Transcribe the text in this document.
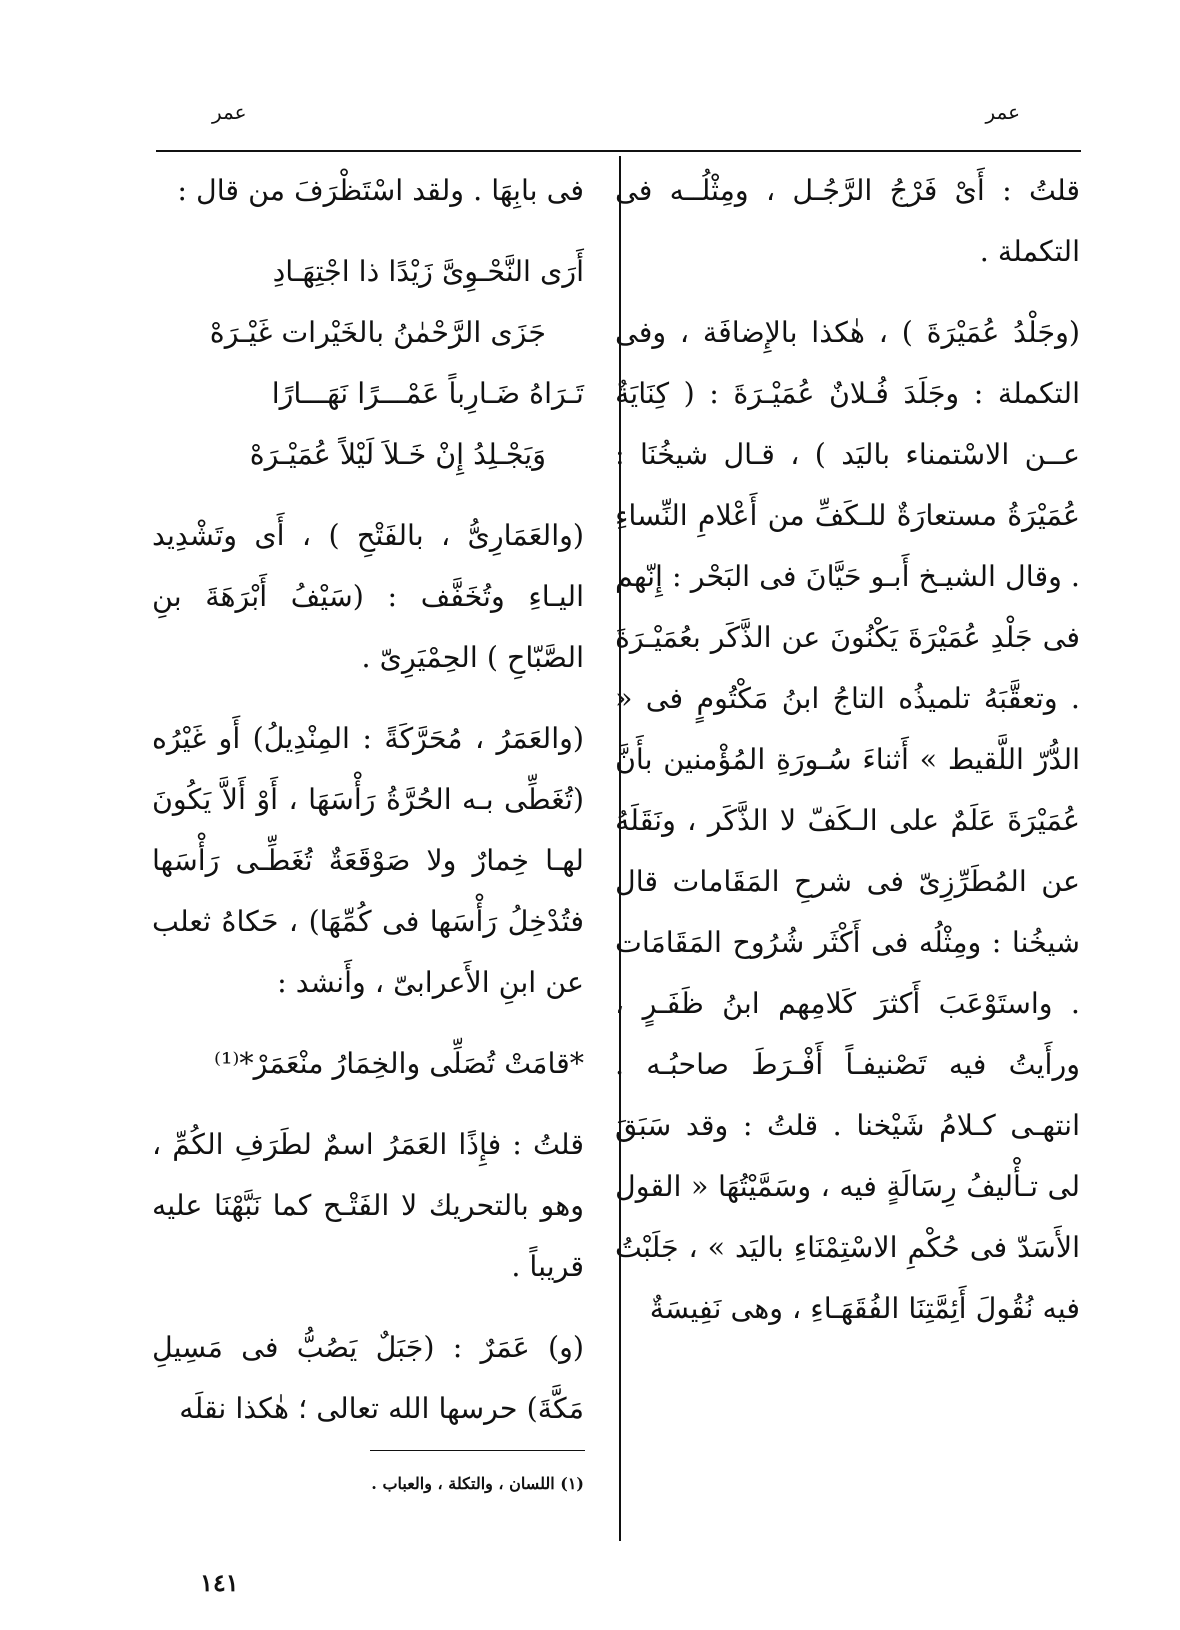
عمر
عمر

قلتُ : أَىْ فَرْجُ الرَّجُـل ، ومِثْلُــه فى التكملة .

(وجَلْدُ عُمَيْرَةَ ) ، هٰكذا بالإِضافَة ، وفى التكملة : وجَلَدَ فُـلانٌ عُمَيْـرَةَ : ( كِنَايَةٌ عــن الاسْتمناء باليَد ) ، قـال شيخُنَا : عُمَيْرَةُ مستعارَةٌ للـكَفِّ من أَعْلامِ النِّساءِ . وقال الشيـخ أَبـو حَيَّانَ فى البَحْر : إِنّهم فى جَلْدِ عُمَيْرَةَ يَكْنُونَ عن الذَّكَر بعُمَيْـرَةَ . وتعقَّبَهُ تلميذُه التاجُ ابنُ مَكْتُومٍ فى « الدُّرّ اللَّقيط » أَثناءَ سُـورَةِ المُؤْمنين بأَنَّ عُمَيْرَةَ عَلَمٌ على الـكَفّ لا الذَّكَر ، ونَقَلَهُ عن المُطَرِّزِىّ فى شرحِ المَقَامات قال شيخُنا : ومِثْلُه فى أَكْثَر شُرُوح المَقَامَات . واستَوْعَبَ أَكثرَ كَلامِهم ابنُ ظَفَـرٍ ، ورأَيتُ فيه تَصْنيفـاً أَفْـرَطَ صاحبُـه . انتهـى كـلامُ شَيْخنا . قلتُ : وقد سَبَقَ لى تـأْليفُ رِسَالَةٍ فيه ، وسَمَّيْتُهَا « القول الأَسَدّ فى حُكْمِ الاسْتِمْنَاءِ باليَد » ، جَلَبْتُ فيه نُقُولَ أَئِمَّتِنَا الفُقَهَـاءِ ، وهى نَفِيسَةٌ

فى بابِهَا . ولقد اسْتَظْرَفَ من قال :

أَرَى النَّحْـوِىَّ زَيْدًا ذا اجْتِهَـادِ

جَزَى الرَّحْمٰنُ بالخَيْرات غَيْـرَهْ

تَـرَاهُ ضَـارِباً عَمْـــرًا نَهَـــارًا

وَيَجْـلِدُ إِنْ خَـلاَ لَيْلاً عُمَيْـرَهْ

(والعَمَارِىُّ ، بالفَتْحِ ) ، أَى وتَشْدِيد اليـاءِ وتُخَفَّف : (سَيْفُ أَبْرَهَةَ بنِ الصَّبّاحِ ) الحِمْيَرِىّ .

(والعَمَرُ ، مُحَرَّكَةً : المِنْدِيلُ) أَو غَيْرُه (تُغَطِّى بـه الحُرَّةُ رَأْسَهَا ، أَوْ أَلاَّ يَكُونَ لهـا خِمارٌ ولا صَوْقَعَةٌ تُغَطِّـى رَأْسَها فتُدْخِلُ رَأْسَها فى كُمِّهَا) ، حَكاهُ ثعلب عن ابنِ الأَعرابىّ ، وأَنشد :

*قامَتْ تُصَلِّى والخِمَارُ منْعَمَرْ*⁽¹⁾

قلتُ : فإِذًا العَمَرُ اسمٌ لطَرَفِ الكُمِّ ، وهو بالتحريك لا الفَتْـح كما نَبَّهْنَا عليه قريباً .

(و) عَمَرٌ : (جَبَلٌ يَصُبُّ فى مَسِيلِ مَكَّةَ) حرسها الله تعالى ؛ هٰكذا نقلَه

(١) اللسان ، والتكلة ، والعباب .
١٤١
